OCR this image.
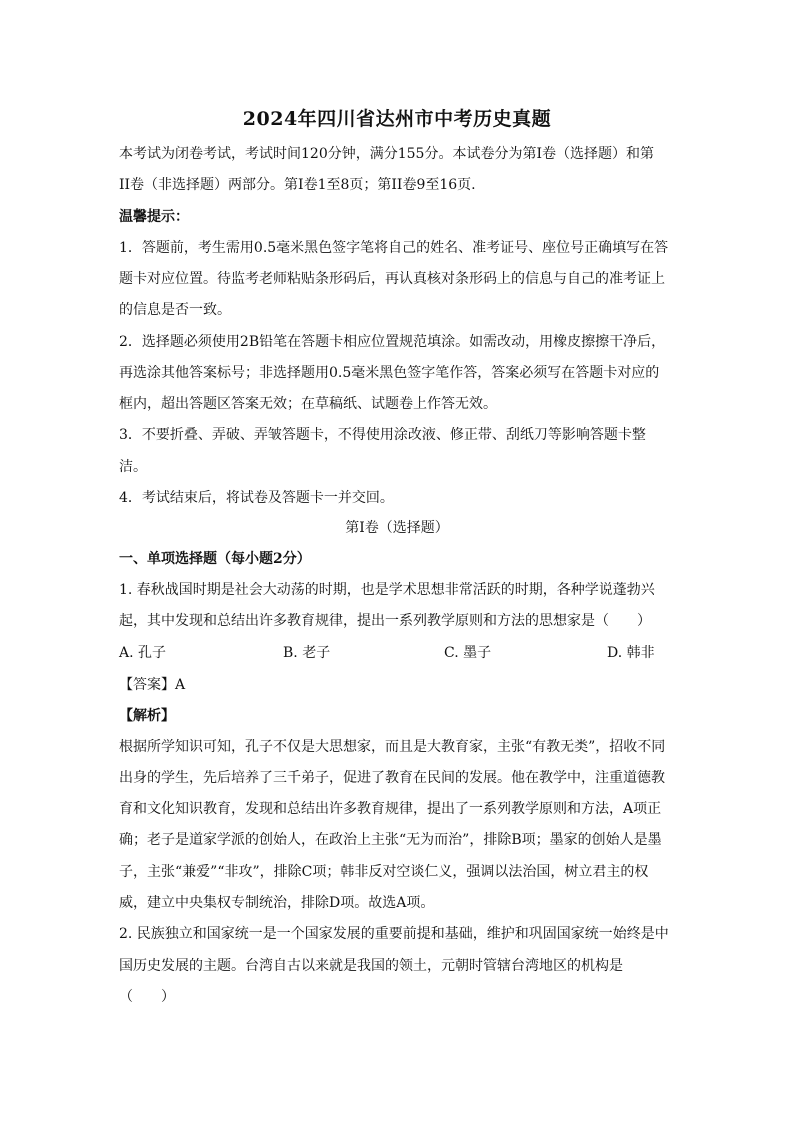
2024年四川省达州市中考历史真题
本考试为闭卷考试，考试时间120分钟，满分155分。本试卷分为第I卷（选择题）和第
II卷（非选择题）两部分。第I卷1至8页；第II卷9至16页.
温馨提示：
1．答题前，考生需用0.5毫米黑色签字笔将自己的姓名、准考证号、座位号正确填写在答
题卡对应位置。待监考老师粘贴条形码后，再认真核对条形码上的信息与自己的准考证上
的信息是否一致。
2．选择题必须使用2B铅笔在答题卡相应位置规范填涂。如需改动，用橡皮擦擦干净后，
再选涂其他答案标号；非选择题用0.5毫米黑色签字笔作答，答案必须写在答题卡对应的
框内，超出答题区答案无效；在草稿纸、试题卷上作答无效。
3．不要折叠、弄破、弄皱答题卡，不得使用涂改液、修正带、刮纸刀等影响答题卡整
洁。
4．考试结束后，将试卷及答题卡一并交回。
第I卷（选择题）
一、单项选择题（每小题2分）
1. 春秋战国时期是社会大动荡的时期，也是学术思想非常活跃的时期，各种学说蓬勃兴
起，其中发现和总结出许多教育规律，提出一系列教学原则和方法的思想家是（　　）
A. 孔子	B. 老子	C. 墨子	D. 韩非
【答案】A
【解析】
根据所学知识可知，孔子不仅是大思想家，而且是大教育家，主张“有教无类”，招收不同
出身的学生，先后培养了三千弟子，促进了教育在民间的发展。他在教学中，注重道德教
育和文化知识教育，发现和总结出许多教育规律，提出了一系列教学原则和方法，A项正
确；老子是道家学派的创始人，在政治上主张“无为而治”，排除B项；墨家的创始人是墨
子，主张“兼爱”“非攻”，排除C项；韩非反对空谈仁义，强调以法治国，树立君主的权
威，建立中央集权专制统治，排除D项。故选A项。
2. 民族独立和国家统一是一个国家发展的重要前提和基础，维护和巩固国家统一始终是中
国历史发展的主题。台湾自古以来就是我国的领土，元朝时管辖台湾地区的机构是
（　　）
